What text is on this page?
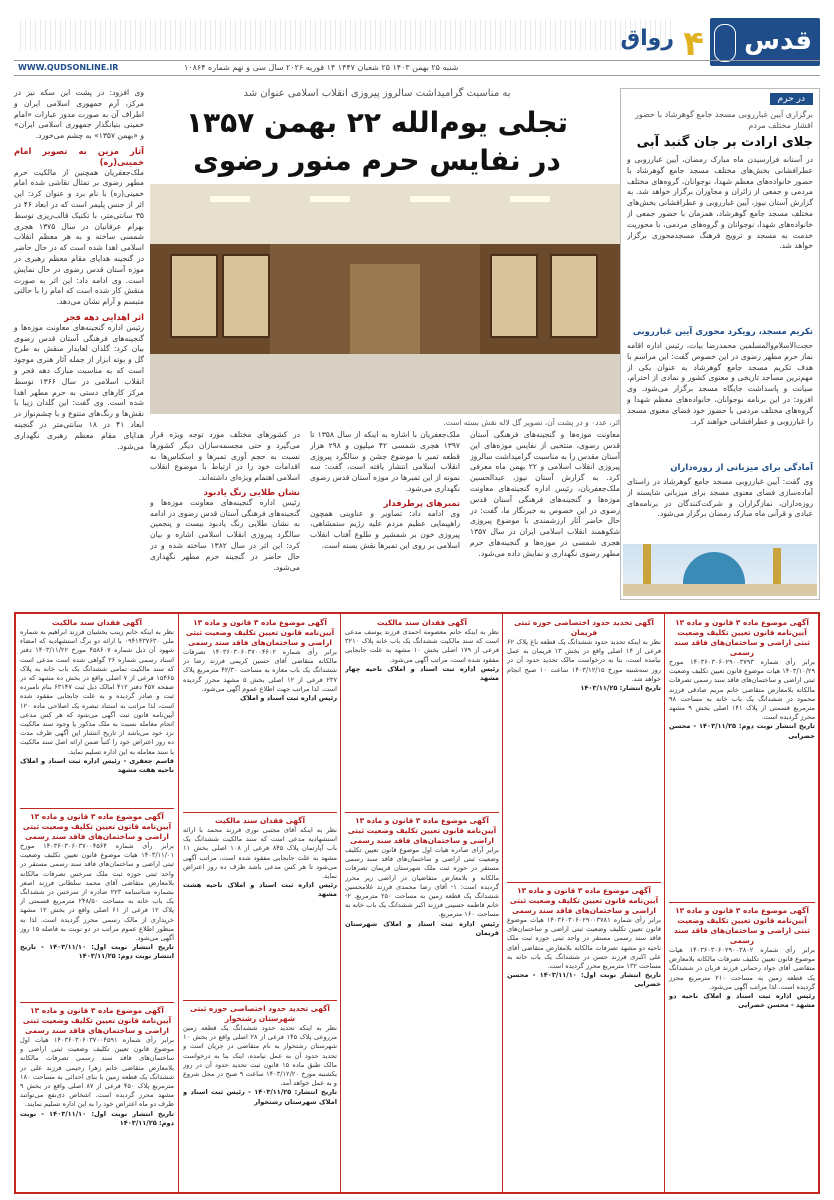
قدس
۴
رواق
WWW.QUDSONLINE.IR	شنبه ۲۵ بهمن ۱۴۰۳ ۲۵ شعبان ۱۴۴۷ ۱۴ فوریه ۲۰۲۶ سال سی و نهم شماره ۱۰۸۶۴
در حرم
برگزاری آیین غبارروبی مسجد جامع گوهرشاد با حضور اقشار مختلف مردم
جلای ارادت بر جان گنبد آبی
در آستانه فرارسیدن ماه مبارک رمضان، آیین غبارروبی و عطرافشانی بخش‌های مختلف مسجد جامع گوهرشاد با حضور خانواده‌های معظم شهدا، نوجوانان، گروه‌های مختلف مردمی و جمعی از زائران و مجاوران برگزار خواهد شد. به گزارش آستان نیوز، آیین غبارروبی و عطرافشانی بخش‌های مختلف مسجد جامع گوهرشاد، همزمان با حضور جمعی از خانواده‌های شهدا، نوجوانان و گروه‌های مردمی، با محوریت خدمت به مسجد و ترویج فرهنگ مسجدمحوری برگزار خواهد شد.
تکریم مسجد، رویکرد محوری آیین غبارروبی
حجت‌الاسلام‌والمسلمین محمدرضا بیات، رئیس اداره اقامه نماز حرم مطهر رضوی در این خصوص گفت: این مراسم با هدف تکریم مسجد جامع گوهرشاد به عنوان یکی از مهم‌ترین مساجد تاریخی و معنوی کشور و نمادی از احترام، صیانت و پاسداشت جایگاه مسجد برگزار می‌شود. وی افزود: در این برنامه نوجوانان، خانواده‌های معظم شهدا و گروه‌های مختلف مردمی با حضور خود فضای معنوی مسجد را غبارروبی و عطرافشانی خواهند کرد.
آمادگی برای میزبانی از روزه‌داران
وی گفت: آیین غبارروبی مسجد جامع گوهرشاد در راستای آماده‌سازی فضای معنوی مسجد برای میزبانی شایسته از روزه‌داران، نمازگزاران و شرکت‌کنندگان در برنامه‌های عبادی و قرآنی ماه مبارک رمضان برگزار می‌شود.
به مناسبت گرامیداشت سالروز پیروزی انقلاب اسلامی عنوان شد
تجلی یوم‌الله ۲۲ بهمن ۱۳۵۷
در نفایس حرم منور رضوی
اثر، عدد۰ و در پشت آن، تصویر گل لاله نقش بسته است.
وی افزود: در پشت این سکه نیز در مرکز، آرم جمهوری اسلامی ایران و اطراف آن به صورت مدور عبارات «امام خمینی بنیانگذار جمهوری اسلامی ایران» و «بهمن ۱۳۵۷» به چشم می‌خورد.
آثار مزین به تصویر امام خمینی(ره)
ملک‌جعفریان همچنین از مالکیت حرم مطهر رضوی بر تمثال نقاشی شده امام خمینی(ره) با نام برد و عنوان کرد: این اثر از جنس پلیمر است که در ابعاد ۴۶ در ۳۵ سانتی‌متر، با تکنیک قالب‌ریزی توسط بهرام عرفانیان در سال ۱۳۷۵ هجری شمسی ساخته و به هر معظم انقلاب اسلامی اهدا شده است که در حال حاضر در گنجینه هدایای مقام معظم رهبری در موزه آستان قدس رضوی در حال نمایش است. وی ادامه داد: این اثر به صورت منقش کار شده است که امام را با حالتی متبسم و آرام نشان می‌دهد.
اثر اهدایی دهه فجر
رئیس اداره گنجینه‌های معاونت موزه‌ها و گنجینه‌های فرهنگی آستان قدس رضوی بیان کرد: گلدان لعابدار منقش به طرح گل و بوته ابزار از جمله آثار هنری موجود است که به مناسبت مبارک دهه فجر و انقلاب اسلامی در سال ۱۳۶۶ توسط مرکز کارهای دستی به حرم مطهر اهدا شده است. وی گفت: این گلدان زیبا با نقش‌ها و رنگ‌های متنوع و با چشم‌نواز در ابعاد ۴۱ در ۱۸ سانتی‌متر در گنجینه هدایای مقام معظم رهبری نگهداری می‌شود.
در کشورهای مختلف مورد توجه ویژه قرار می‌گیرد و حتی مجسمه‌سازان دیگر کشورها نسبت به حجم آوری تمبرها و اسکناس‌ها به اقدامات خود را در ارتباط با موضوع انقلاب اسلامی اهتمام ویژه‌ای داشته‌اند.
نشان طلایی رنگ یادبود
رئیس اداره گنجینه‌های معاونت موزه‌ها و گنجینه‌های فرهنگی آستان قدس رضوی در ادامه به نشان طلایی رنگ یادبود بیست و پنجمین سالگرد پیروزی انقلاب اسلامی اشاره و بیان کرد: این اثر در سال ۱۳۸۲ ساخته شده و در حال حاضر در گنجینه حرم مطهر نگهداری می‌شود.
ملک‌جعفریان با اشاره به اینکه از سال ۱۳۵۸ تا ۱۳۹۷ هجری شمسی ۴۲ میلیون و ۲۹۸ هزار قطعه تمبر با موضوع جشن و سالگرد پیروزی انقلاب اسلامی انتشار یافته است، گفت: سه نمونه از این تمبرها در موزه آستان قدس رضوی نگهداری می‌شود.
تمبرهای پرطرفدار
وی ادامه داد: تصاویر و عناوینی همچون راهپیمایی عظیم مردم علیه رژیم ستمشاهی، پیروزی خون بر شمشیر و طلوع آفتاب انقلاب اسلامی بر روی این تمبرها نقش بسته است.
معاونت موزه‌ها و گنجینه‌های فرهنگی آستان قدس رضوی، منتخبی از نفایس موزه‌های این آستان مقدس را به مناسبت گرامیداشت سالروز پیروزی انقلاب اسلامی و ۲۲ بهمن ماه معرفی کرد. به گزارش آستان نیوز، عبدالحسین ملک‌جعفریان، رئیس اداره گنجینه‌های معاونت موزه‌ها و گنجینه‌های فرهنگی آستان قدس رضوی در این خصوص به خبرنگار ما، گفت: در حال حاضر آثار ارزشمندی با موضوع پیروزی شکوهمند انقلاب اسلامی ایران در سال ۱۳۵۷ هجری شمسی در موزه‌ها و گنجینه‌های حرم مطهر رضوی نگهداری و نمایش داده می‌شود.
آگهی فقدان سند مالکیت
نظر به اینکه خانم زینب بخشیان فرزند ابراهیم به شماره ملی ۰۹۴۱۴۳۷۶۳۰ با ارائه دو برگ استشهادیه که امضاء شهود آن ذیل شماره ۴۵۸۶۰۷ مورخ ۱۴۰۳/۱۱/۲۲ دفتر اسناد رسمی شماره ۲۶ گواهی شده است مدعی است که سند مالکیت تمامی ششدانگ یک باب خانه به پلاک ۱۵۴۶۵ فرعی از ۷ اصلی واقع در بخش ده مشهد که در صفحه ۴۵۷ دفتر ۴۱۲ امالک ذیل ثبت ۶۳۱۴۷ بنام نامبرده ثبت و صادر گردیده و به علت جابجایی مفقود شده است، لذا مراتب به استناد تبصره یک اصلاحی ماده ۱۲۰ آیین‌نامه قانون ثبت آگهی می‌شود که هر کس مدعی انجام معامله نسبت به ملک مذکور یا وجود سند مالکیت نزد خود می‌باشد از تاریخ انتشار این آگهی ظرف مدت ده روز اعتراض خود را کتباً ضمن ارائه اصل سند مالکیت یا سند معامله به این اداره تسلیم نماید.
قاسم جعفری - رئیس اداره ثبت اسناد و املاک ناحیه هفت مشهد
آگهی موضوع ماده ۳ قانون و ماده ۱۳ آیین‌نامه قانون تعیین تکلیف وضعیت ثبتی اراضی و ساختمان‌های فاقد سند رسمی
برابر رأی شماره ۱۴۰۳۶۰۳۰۶۰۳۷۰۰۴۵۶۴ مورخ ۱۴۰۳/۱۱/۰۱ هیات موضوع قانون تعیین تکلیف وضعیت ثبتی اراضی و ساختمان‌های فاقد سند رسمی مستقر در واحد ثبتی حوزه ثبت ملک سرخس تصرفات مالکانه بلامعارض متقاضی آقای محمد سلطانی فرزند اصغر بشماره شناسنامه ۲۲۳ صادره از سرخس در ششدانگ یک باب خانه به مساحت ۲۴۸/۵۰ مترمربع قسمتی از پلاک ۱۲ فرعی از ۶۱ اصلی واقع در بخش ۱۲ مشهد خریداری از مالک رسمی محرز گردیده است. لذا به منظور اطلاع عموم مراتب در دو نوبت به فاصله ۱۵ روز آگهی می‌شود.
تاریخ انتشار نوبت اول: ۱۴۰۳/۱۱/۱۰ - تاریخ انتشار نوبت دوم: ۱۴۰۳/۱۱/۲۵
آگهی موضوع ماده ۳ قانون و ماده ۱۳ آیین‌نامه قانون تعیین تکلیف وضعیت ثبتی اراضی و ساختمان‌های فاقد سند رسمی
برابر رأی شماره ۱۴۰۳۶۰۳۰۶۰۳۷۰۰۴۵۹۱ هیات اول موضوع قانون تعیین تکلیف وضعیت ثبتی اراضی و ساختمان‌های فاقد سند رسمی تصرفات مالکانه بلامعارض متقاضی خانم زهرا رحیمی فرزند علی در ششدانگ یک قطعه زمین با بنای احداثی به مساحت ۱۸۰ مترمربع پلاک ۴۵۰ فرعی از ۸۷ اصلی واقع در بخش ۹ مشهد محرز گردیده است. اشخاص ذی‌نفع می‌توانند ظرف دو ماه اعتراض خود را به این اداره تسلیم نمایند.
تاریخ انتشار نوبت اول: ۱۴۰۳/۱۱/۱۰ - نوبت دوم: ۱۴۰۳/۱۱/۲۵
آگهی موضوع ماده ۳ قانون و ماده ۱۳ آیین‌نامه قانون تعیین تکلیف وضعیت ثبتی اراضی و ساختمان‌های فاقد سند رسمی
برابر رأی شماره ۱۴۰۳۶۰۳۰۶۰۳۷۰۰۴۶۰۲ تصرفات مالکانه متقاضی آقای حسین کریمی فرزند رضا در ششدانگ یک باب مغازه به مساحت ۴۲/۳۰ مترمربع پلاک ۲۳۷ فرعی از ۱۲ اصلی بخش ۵ مشهد محرز گردیده است. لذا مراتب جهت اطلاع عموم آگهی می‌شود.
رئیس اداره ثبت اسناد و املاک
آگهی فقدان سند مالکیت
نظر به اینکه آقای مجتبی نوری فرزند محمد با ارائه استشهادیه مدعی است که سند مالکیت ششدانگ یک باب آپارتمان پلاک ۸۴۵ فرعی از ۱۰۸ اصلی بخش ۱۱ مشهد به علت جابجایی مفقود شده است، مراتب آگهی می‌شود تا هر کس مدعی باشد ظرف ده روز اعتراض نماید.
رئیس اداره ثبت اسناد و املاک ناحیه هشت مشهد
آگهی تحدید حدود اختصاصی حوزه ثبتی شهرستان رشتخوار
نظر به اینکه تحدید حدود ششدانگ یک قطعه زمین مزروعی پلاک ۱۴۵ فرعی از ۲۸ اصلی واقع در بخش ۱۰ شهرستان رشتخوار به نام متقاضی در جریان است و تحدید حدود آن به عمل نیامده، اینک بنا به درخواست مالک طبق ماده ۱۵ قانون ثبت تحدید حدود آن در روز یکشنبه مورخ ۱۴۰۳/۱۲/۲۰ ساعت ۹ صبح در محل شروع و به عمل خواهد آمد.
تاریخ انتشار: ۱۴۰۳/۱۱/۲۵ - رئیس ثبت اسناد و املاک شهرستان رشتخوار
آگهی فقدان سند مالکیت
نظر به اینکه خانم معصومه احمدی فرزند یوسف مدعی است که سند مالکیت ششدانگ یک باب خانه پلاک ۳۲۱۰ فرعی از ۱۷۹ اصلی بخش ۱۰ مشهد به علت جابجایی مفقود شده است، مراتب آگهی می‌شود.
رئیس اداره ثبت اسناد و املاک ناحیه چهار مشهد
آگهی موضوع ماده ۳ قانون و ماده ۱۳ آیین‌نامه قانون تعیین تکلیف وضعیت ثبتی اراضی و ساختمان‌های فاقد سند رسمی
برابر آرای صادره هیات اول موضوع قانون تعیین تکلیف وضعیت ثبتی اراضی و ساختمان‌های فاقد سند رسمی مستقر در حوزه ثبت ملک شهرستان فریمان تصرفات مالکانه و بلامعارض متقاضیان در اراضی زیر محرز گردیده است: ۱- آقای رضا محمدی فرزند غلامحسین ششدانگ یک قطعه زمین به مساحت ۲۵۰ مترمربع. ۲- خانم فاطمه حسینی فرزند اکبر ششدانگ یک باب خانه به مساحت ۱۶۰ مترمربع.
رئیس اداره ثبت اسناد و املاک شهرستان فریمان
آگهی تحدید حدود اختصاصی حوزه ثبتی فریمان
نظر به اینکه تحدید حدود ششدانگ یک قطعه باغ پلاک ۶۲ فرعی از ۱۴ اصلی واقع در بخش ۱۳ فریمان به عمل نیامده است، بنا به درخواست مالک تحدید حدود آن در روز سه‌شنبه مورخ ۱۴۰۳/۱۲/۱۵ ساعت ۱۰ صبح انجام خواهد شد.
تاریخ انتشار: ۱۴۰۳/۱۱/۲۵
آگهی موضوع ماده ۳ قانون و ماده ۱۳ آیین‌نامه قانون تعیین تکلیف وضعیت ثبتی اراضی و ساختمان‌های فاقد سند رسمی
برابر رأی شماره ۱۴۰۳۶۰۳۰۶۰۲۹۰۰۳۷۸۱ هیات موضوع قانون تعیین تکلیف وضعیت ثبتی اراضی و ساختمان‌های فاقد سند رسمی مستقر در واحد ثبتی حوزه ثبت ملک ناحیه دو مشهد تصرفات مالکانه بلامعارض متقاضی آقای علی اکبری فرزند حسن در ششدانگ یک باب خانه به مساحت ۱۳۲ مترمربع محرز گردیده است.
تاریخ انتشار نوبت اول: ۱۴۰۳/۱۱/۱۰ - محسن خضرایی
آگهی موضوع ماده ۳ قانون و ماده ۱۳ آیین‌نامه قانون تعیین تکلیف وضعیت ثبتی اراضی و ساختمان‌های فاقد سند رسمی
برابر رأی شماره ۱۴۰۳۶۰۳۰۶۰۲۹۰۰۳۷۹۳ مورخ ۱۴۰۳/۱۰/۲۹ هیات موضوع قانون تعیین تکلیف وضعیت ثبتی اراضی و ساختمان‌های فاقد سند رسمی تصرفات مالکانه بلامعارض متقاضی خانم مریم صادقی فرزند محمود در ششدانگ یک باب خانه به مساحت ۹۸ مترمربع قسمتی از پلاک ۱۴۱ اصلی بخش ۹ مشهد محرز گردیده است.
تاریخ انتشار نوبت دوم: ۱۴۰۳/۱۱/۲۵ - محسن خضرایی
آگهی موضوع ماده ۳ قانون و ماده ۱۳ آیین‌نامه قانون تعیین تکلیف وضعیت ثبتی اراضی و ساختمان‌های فاقد سند رسمی
برابر رأی شماره ۱۴۰۳۶۰۳۰۶۰۲۹۰۰۳۸۰۲ هیات موضوع قانون تعیین تکلیف تصرفات مالکانه بلامعارض متقاضی آقای جواد رحمانی فرزند قربان در ششدانگ یک قطعه زمین به مساحت ۲۱۰ مترمربع محرز گردیده است. لذا مراتب آگهی می‌شود.
رئیس اداره ثبت اسناد و املاک ناحیه دو مشهد - محسن خضرایی
